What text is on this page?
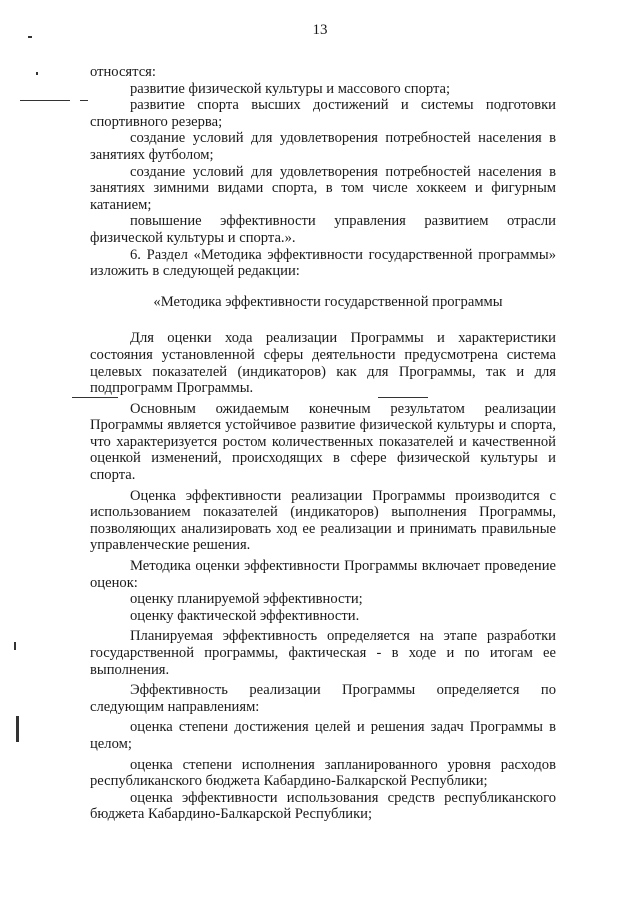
13

относятся:

развитие физической культуры и массового спорта;

развитие спорта высших достижений и системы подготовки спортивного резерва;

создание условий для удовлетворения потребностей населения в занятиях футболом;

создание условий для удовлетворения потребностей населения в занятиях зимними видами спорта, в том числе хоккеем и фигурным катанием;

повышение эффективности управления развитием отрасли физической культуры и спорта.».

6. Раздел «Методика эффективности государственной программы» изложить в следующей редакции:

«Методика эффективности государственной программы

Для оценки хода реализации Программы и характеристики состояния установленной сферы деятельности предусмотрена система целевых показателей (индикаторов) как для Программы, так и для подпрограмм Программы.

Основным ожидаемым конечным результатом реализации Программы является устойчивое развитие физической культуры и спорта, что характеризуется ростом количественных показателей и качественной оценкой изменений, происходящих в сфере физической культуры и спорта.

Оценка эффективности реализации Программы производится с использованием показателей (индикаторов) выполнения Программы, позволяющих анализировать ход ее реализации и принимать правильные управленческие решения.

Методика оценки эффективности Программы включает проведение оценок:

оценку планируемой эффективности;

оценку фактической эффективности.

Планируемая эффективность определяется на этапе разработки государственной программы, фактическая - в ходе и по итогам ее выполнения.

Эффективность реализации Программы определяется по следующим направлениям:

оценка степени достижения целей и решения задач Программы в целом;

оценка степени исполнения запланированного уровня расходов республиканского бюджета Кабардино-Балкарской Республики;

оценка эффективности использования средств республиканского бюджета Кабардино-Балкарской Республики;
